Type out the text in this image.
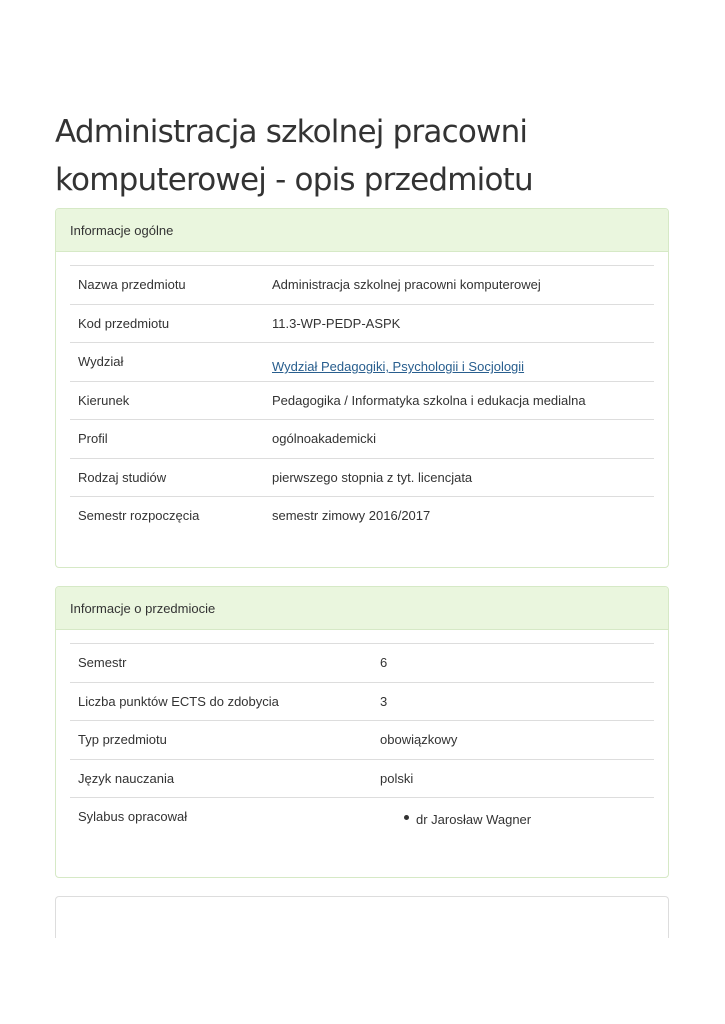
Administracja szkolnej pracowni komputerowej - opis przedmiotu
Informacje ogólne
Nazwa przedmiotu	Administracja szkolnej pracowni komputerowej
Kod przedmiotu	11.3-WP-PEDP-ASPK
Wydział	Wydział Pedagogiki, Psychologii i Socjologii
Kierunek	Pedagogika / Informatyka szkolna i edukacja medialna
Profil	ogólnoakademicki
Rodzaj studiów	pierwszego stopnia z tyt. licencjata
Semestr rozpoczęcia	semestr zimowy 2016/2017
Informacje o przedmiocie
Semestr	6
Liczba punktów ECTS do zdobycia	3
Typ przedmiotu	obowiązkowy
Język nauczania	polski
Sylabus opracował	dr Jarosław Wagner
